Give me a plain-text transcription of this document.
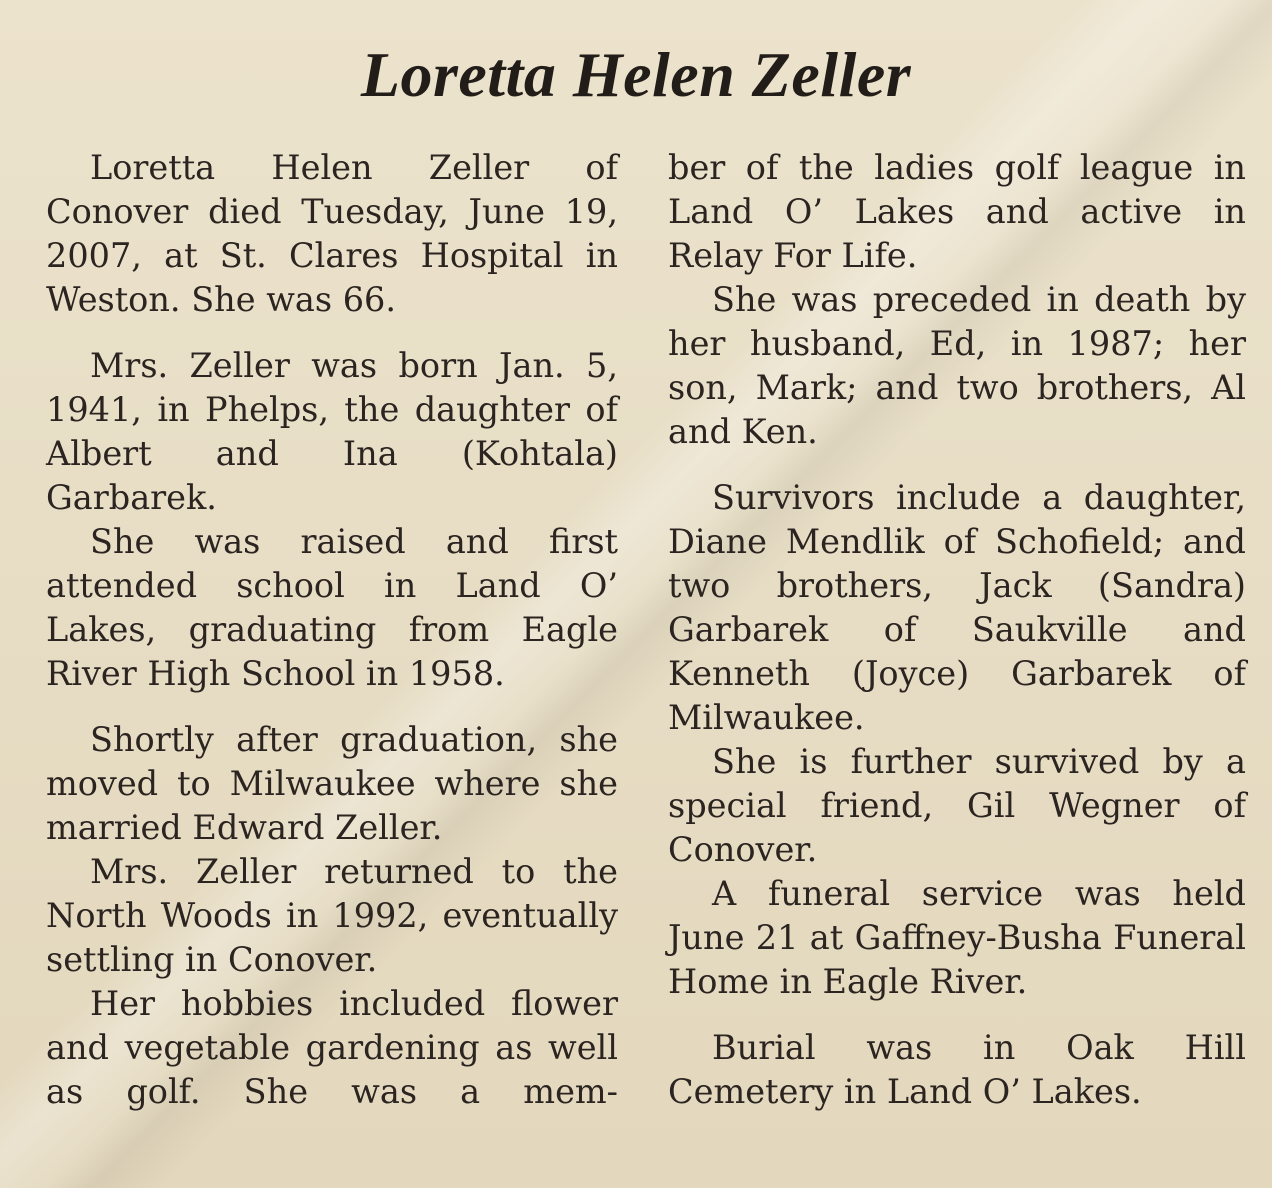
Loretta Helen Zeller

Loretta Helen Zeller of Conover died Tuesday, June 19, 2007, at St. Clares Hospital in Weston. She was 66.

Mrs. Zeller was born Jan. 5, 1941, in Phelps, the daughter of Albert and Ina (Kohtala) Garbarek.

She was raised and first attended school in Land O’ Lakes, graduating from Eagle River High School in 1958.

Shortly after graduation, she moved to Milwaukee where she married Edward Zeller.

Mrs. Zeller returned to the North Woods in 1992, eventually settling in Conover.

Her hobbies included flower and vegetable gardening as well as golf. She was a mem-

ber of the ladies golf league in Land O’ Lakes and active in Relay For Life.

She was preceded in death by her husband, Ed, in 1987; her son, Mark; and two brothers, Al and Ken.

Survivors include a daughter, Diane Mendlik of Schofield; and two brothers, Jack (Sandra) Garbarek of Saukville and Kenneth (Joyce) Garbarek of Milwaukee.

She is further survived by a special friend, Gil Wegner of Conover.

A funeral service was held June 21 at Gaffney-Busha Funeral Home in Eagle River.

Burial was in Oak Hill Cemetery in Land O’ Lakes.
